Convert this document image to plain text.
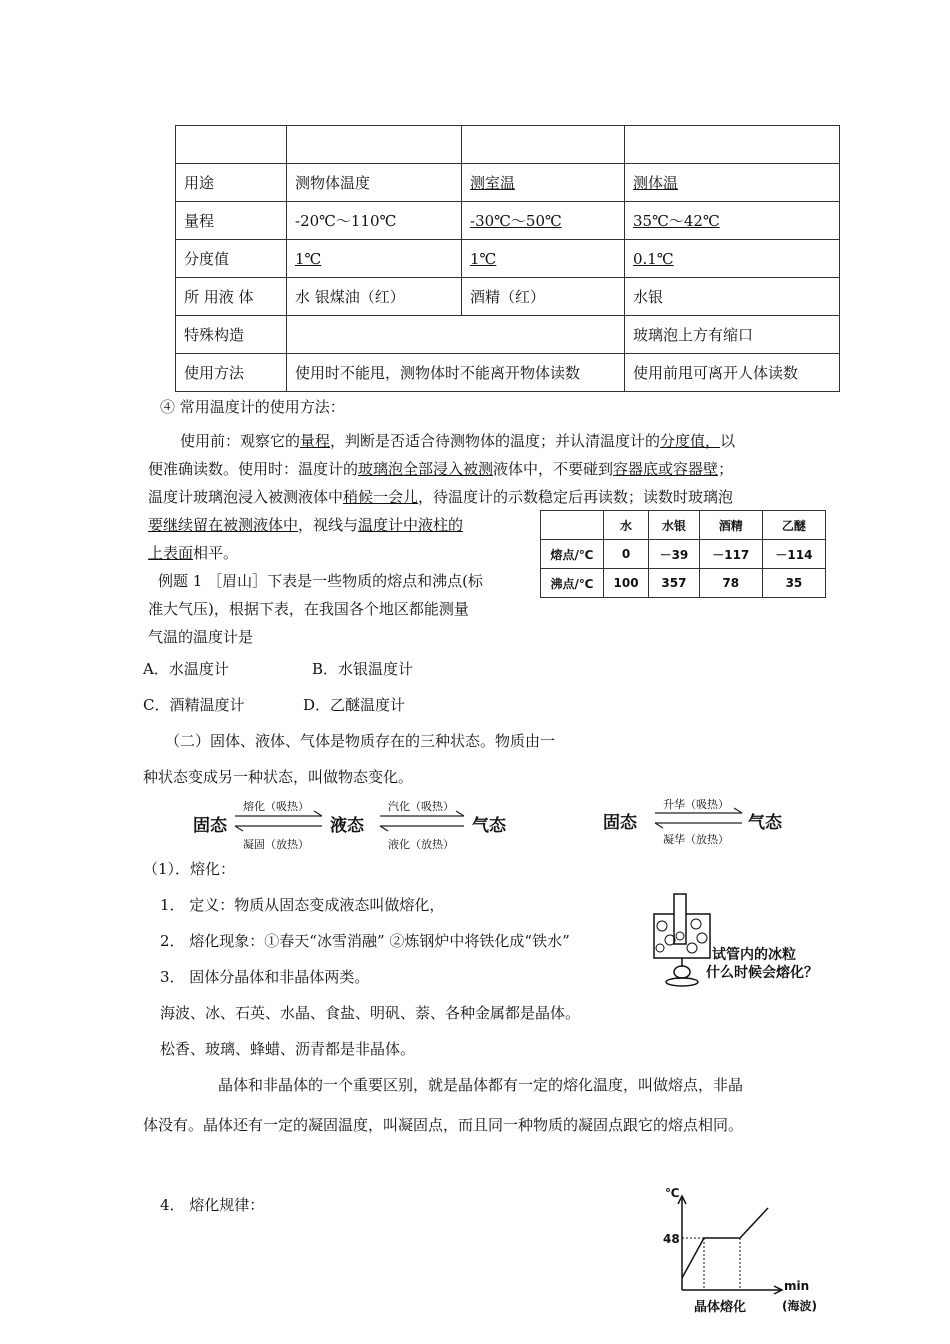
用途	测物体温度	测室温	测体温
量程	-20℃～110℃	-30℃～50℃	35℃～42℃
分度值	1℃	1℃	0.1℃
所 用液 体	水 银煤油（红）	酒精（红）	水银
特殊构造			玻璃泡上方有缩口
使用方法	使用时不能甩，测物体时不能离开物体读数		使用前甩可离开人体读数
④ 常用温度计的使用方法：
使用前：观察它的量程，判断是否适合待测物体的温度；并认清温度计的分度值，以
便准确读数。使用时：温度计的玻璃泡全部浸入被测液体中，不要碰到容器底或容器壁；
温度计玻璃泡浸入被测液体中稍候一会儿，待温度计的示数稳定后再读数；读数时玻璃泡
要继续留在被测液体中，视线与温度计中液柱的
上表面相平。
	水	水银	酒精	乙醚
熔点/℃	0	－39	－117	－114
沸点/℃	100	357	78	35
例题 1 ［眉山］下表是一些物质的熔点和沸点(标
准大气压)，根据下表，在我国各个地区都能测量
气温的温度计是
A．水温度计	B．水银温度计
C．酒精温度计	D．乙醚温度计
（二）固体、液体、气体是物质存在的三种状态。物质由一
种状态变成另一种状态，叫做物态变化。
固态
熔化（吸热）
凝固（放热）
液态
汽化（吸热）
液化（放热）
气态	固态
升华（吸热）
凝华（放热）
气态
（1）．熔化：
1． 定义：物质从固态变成液态叫做熔化，
2． 熔化现象：①春天“冰雪消融” ②炼钢炉中将铁化成“铁水”
3． 固体分晶体和非晶体两类。
海波、冰、石英、水晶、食盐、明矾、萘、各种金属都是晶体。
松香、玻璃、蜂蜡、沥青都是非晶体。
晶体和非晶体的一个重要区别，就是晶体都有一定的熔化温度，叫做熔点，非晶
体没有。晶体还有一定的凝固温度，叫凝固点，而且同一种物质的凝固点跟它的熔点相同。
4． 熔化规律：
试管内的冰粒
什么时候会熔化？
℃
48
min
晶体熔化	(海波)
